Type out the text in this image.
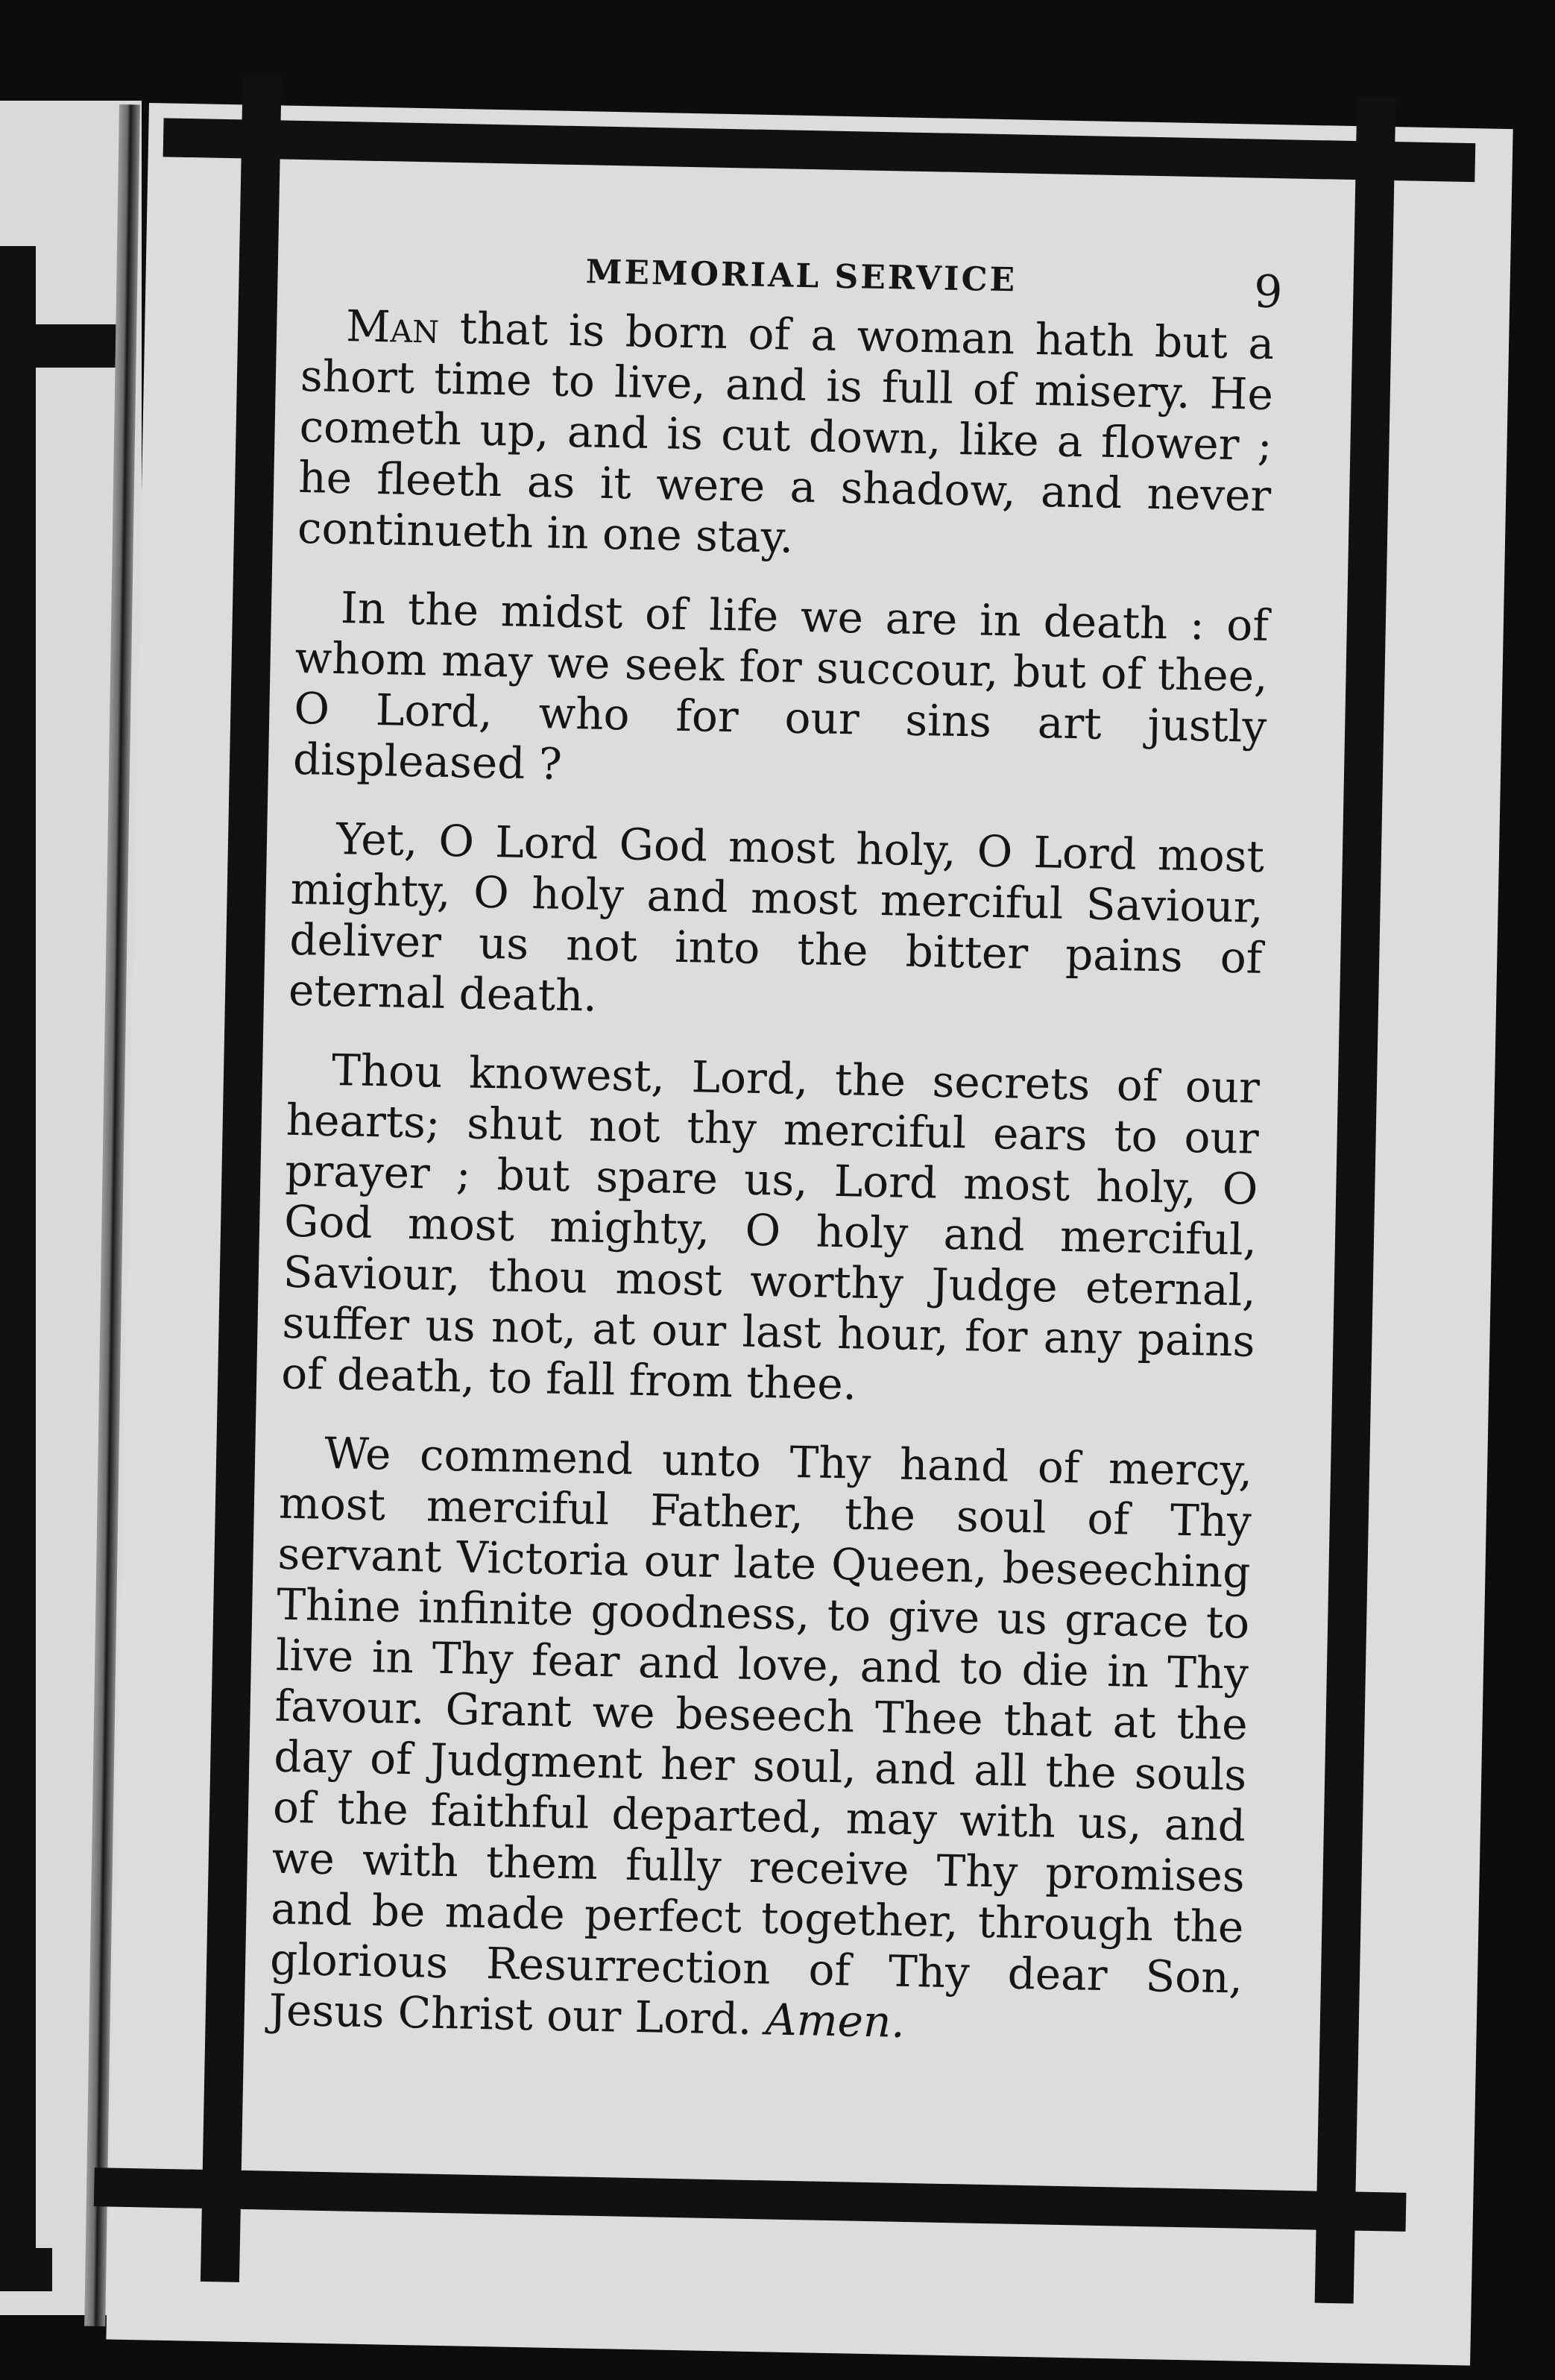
MEMORIAL SERVICE	9

Man that is born of a woman hath but a short time to live, and is full of misery. He cometh up, and is cut down, like a flower ; he fleeth as it were a shadow, and never continueth in one stay.

In the midst of life we are in death : of whom may we seek for succour, but of thee, O Lord, who for our sins art justly displeased ?

Yet, O Lord God most holy, O Lord most mighty, O holy and most merciful Saviour, deliver us not into the bitter pains of eternal death.

Thou knowest, Lord, the secrets of our hearts; shut not thy merciful ears to our prayer ; but spare us, Lord most holy, O God most mighty, O holy and merciful, Saviour, thou most worthy Judge eternal, suffer us not, at our last hour, for any pains of death, to fall from thee.

We commend unto Thy hand of mercy, most merciful Father, the soul of Thy servant Victoria our late Queen, beseeching Thine infinite goodness, to give us grace to live in Thy fear and love, and to die in Thy favour. Grant we beseech Thee that at the day of Judgment her soul, and all the souls of the faithful departed, may with us, and we with them fully receive Thy promises and be made perfect together, through the glorious Resurrection of Thy dear Son, Jesus Christ our Lord. Amen.
